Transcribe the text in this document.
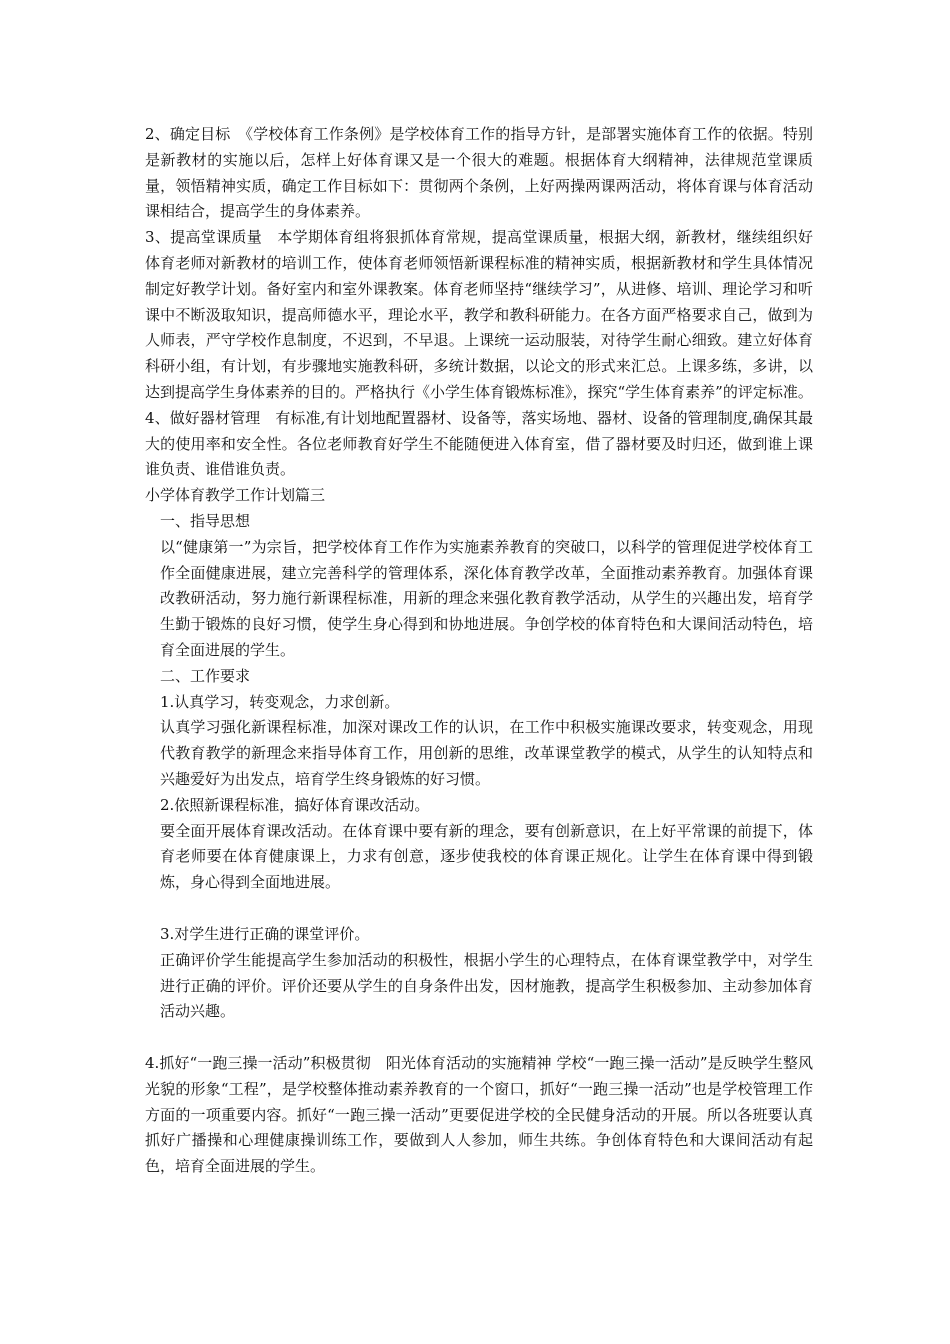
2、确定目标　《学校体育工作条例》是学校体育工作的指导方针，是部署实施体育工作的依据。特别是新教材的实施以后，怎样上好体育课又是一个很大的难题。根据体育大纲精神，法律规范堂课质量，领悟精神实质，确定工作目标如下：贯彻两个条例，上好两操两课两活动，将体育课与体育活动课相结合，提高学生的身体素养。

3、提高堂课质量　本学期体育组将狠抓体育常规，提高堂课质量，根据大纲，新教材，继续组织好体育老师对新教材的培训工作，使体育老师领悟新课程标准的精神实质，根据新教材和学生具体情况制定好教学计划。备好室内和室外课教案。体育老师坚持“继续学习”，从进修、培训、理论学习和听课中不断汲取知识，提高师德水平，理论水平，教学和教科研能力。在各方面严格要求自己，做到为人师表，严守学校作息制度，不迟到，不早退。上课统一运动服装，对待学生耐心细致。建立好体育科研小组，有计划，有步骤地实施教科研，多统计数据，以论文的形式来汇总。上课多练，多讲，以达到提高学生身体素养的目的。严格执行《小学生体育锻炼标准》，探究“学生体育素养”的评定标准。

4、做好器材管理　有标准,有计划地配置器材、设备等，落实场地、器材、设备的管理制度,确保其最大的使用率和安全性。各位老师教育好学生不能随便进入体育室，借了器材要及时归还，做到谁上课谁负责、谁借谁负责。

小学体育教学工作计划篇三

一、指导思想

以“健康第一”为宗旨，把学校体育工作作为实施素养教育的突破口，以科学的管理促进学校体育工作全面健康进展，建立完善科学的管理体系，深化体育教学改革，全面推动素养教育。加强体育课改教研活动，努力施行新课程标准，用新的理念来强化教育教学活动，从学生的兴趣出发，培育学生勤于锻炼的良好习惯，使学生身心得到和协地进展。争创学校的体育特色和大课间活动特色，培育全面进展的学生。

二、工作要求

1.认真学习，转变观念，力求创新。

认真学习强化新课程标准，加深对课改工作的认识，在工作中积极实施课改要求，转变观念，用现代教育教学的新理念来指导体育工作，用创新的思维，改革课堂教学的模式，从学生的认知特点和兴趣爱好为出发点，培育学生终身锻炼的好习惯。

2.依照新课程标准，搞好体育课改活动。

要全面开展体育课改活动。在体育课中要有新的理念，要有创新意识，在上好平常课的前提下，体育老师要在体育健康课上，力求有创意，逐步使我校的体育课正规化。让学生在体育课中得到锻炼，身心得到全面地进展。

3.对学生进行正确的课堂评价。

正确评价学生能提高学生参加活动的积极性，根据小学生的心理特点，在体育课堂教学中，对学生进行正确的评价。评价还要从学生的自身条件出发，因材施教，提高学生积极参加、主动参加体育活动兴趣。

4.抓好“一跑三操一活动”积极贯彻　阳光体育活动的实施精神 学校“一跑三操一活动”是反映学生整风光貌的形象“工程”，是学校整体推动素养教育的一个窗口，抓好“一跑三操一活动”也是学校管理工作方面的一项重要内容。抓好“一跑三操一活动”更要促进学校的全民健身活动的开展。所以各班要认真抓好广播操和心理健康操训练工作，要做到人人参加，师生共练。争创体育特色和大课间活动有起色，培育全面进展的学生。
